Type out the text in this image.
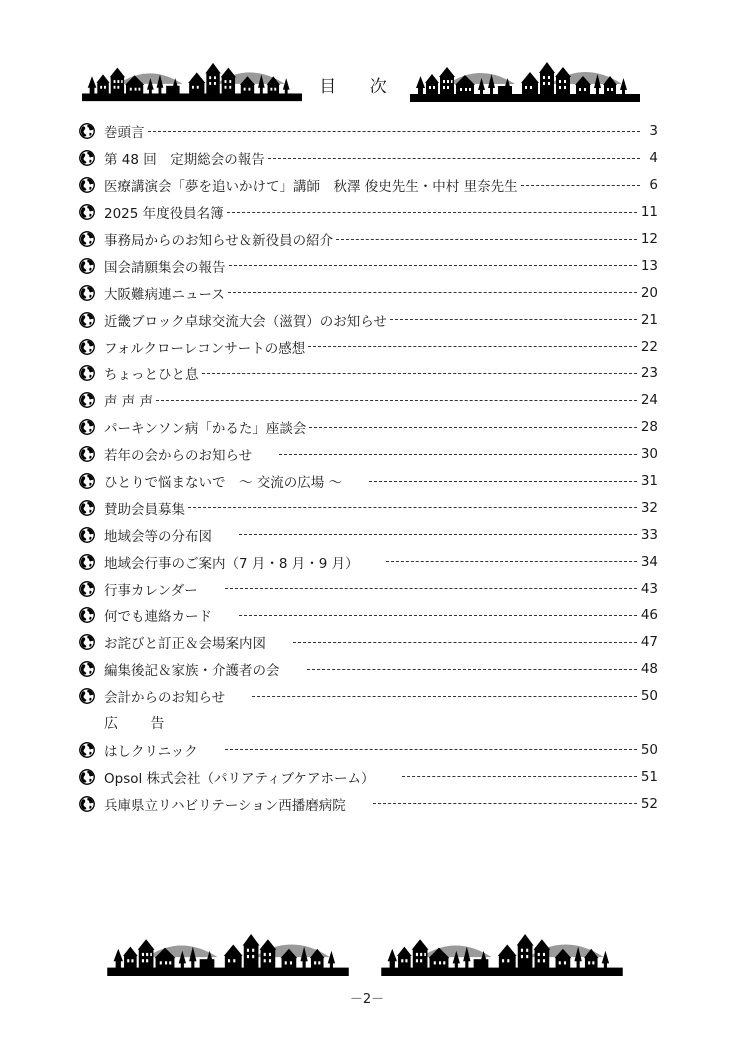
目 次
巻頭言	3
第 48 回　定期総会の報告	4
医療講演会「夢を追いかけて」講師　秋澤 俊史先生・中村 里奈先生	6
2025 年度役員名簿	11
事務局からのお知らせ＆新役員の紹介	12
国会請願集会の報告	13
大阪難病連ニュース	20
近畿ブロック卓球交流大会（滋賀）のお知らせ	21
フォルクローレコンサートの感想	22
ちょっとひと息	23
声 声 声	24
パーキンソン病「かるた」座談会	28
若年の会からのお知らせ	30
ひとりで悩まないで　～ 交流の広場 ～	31
賛助会員募集	32
地域会等の分布図	33
地域会行事のご案内（7 月・8 月・9 月）	34
行事カレンダー	43
何でも連絡カード	46
お詫びと訂正＆会場案内図	47
編集後記＆家族・介護者の会	48
会計からのお知らせ	50
広 告
はしクリニック	50
Opsol 株式会社（パリアティブケアホーム）	51
兵庫県立リハビリテーション西播磨病院	52
－2－
